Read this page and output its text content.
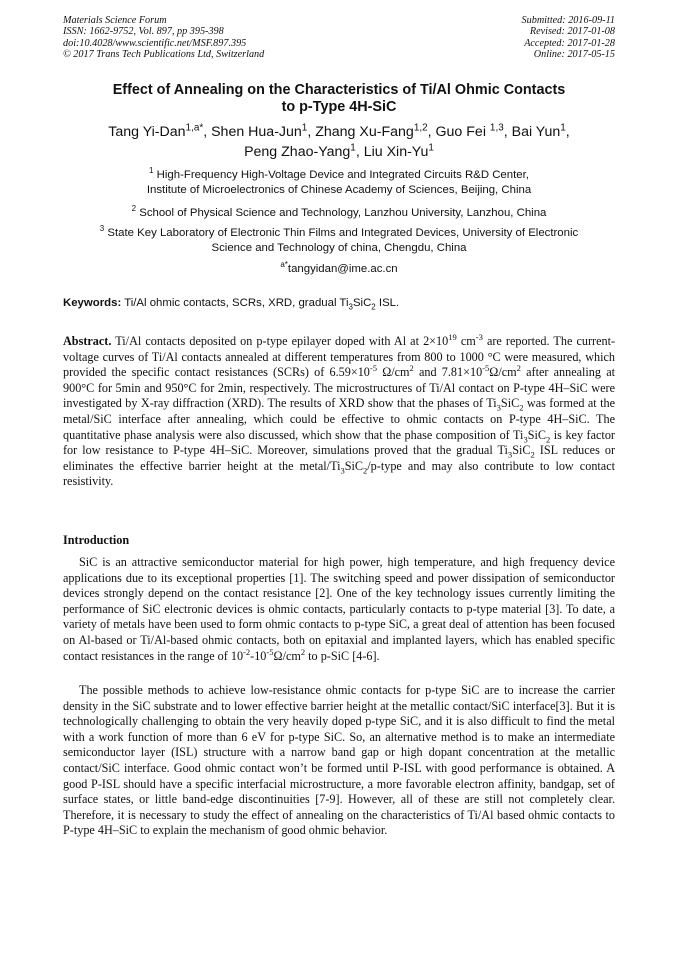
Materials Science Forum
ISSN: 1662-9752, Vol. 897, pp 395-398
doi:10.4028/www.scientific.net/MSF.897.395
© 2017 Trans Tech Publications Ltd, Switzerland
Submitted: 2016-09-11
Revised: 2017-01-08
Accepted: 2017-01-28
Online: 2017-05-15
Effect of Annealing on the Characteristics of Ti/Al Ohmic Contacts
to p-Type 4H-SiC
Tang Yi-Dan$^{1,a*}$, Shen Hua-Jun$^1$, Zhang Xu-Fang$^{1,2}$, Guo Fei $^{1,3}$, Bai Yun$^1$,
Peng Zhao-Yang$^1$, Liu Xin-Yu$^1$
$^1$ High-Frequency High-Voltage Device and Integrated Circuits R&D Center,
Institute of Microelectronics of Chinese Academy of Sciences, Beijing, China
$^2$ School of Physical Science and Technology, Lanzhou University, Lanzhou, China
$^3$ State Key Laboratory of Electronic Thin Films and Integrated Devices, University of Electronic
Science and Technology of china, Chengdu, China
$^{a*}$tangyidan@ime.ac.cn
Keywords: Ti/Al ohmic contacts, SCRs, XRD, gradual $Ti_3SiC_2$ ISL.
Abstract. Ti/Al contacts deposited on p-type epilayer doped with Al at $2\times 10^{19}$ $cm^{-3}$ are reported. The current-voltage curves of Ti/Al contacts annealed at different temperatures from 800 to 1000 °C were measured, which provided the specific contact resistances (SCRs) of $6.59\times 10^{-5}$ $\Omega/cm^2$ and $7.81\times 10^{-5}\Omega/cm^2$ after annealing at 900°C for 5min and 950°C for 2min, respectively. The microstructures of Ti/Al contact on P-type 4H–SiC were investigated by X-ray diffraction (XRD). The results of XRD show that the phases of $Ti_3SiC_2$ was formed at the metal/SiC interface after annealing, which could be effective to ohmic contacts on P-type 4H–SiC. The quantitative phase analysis were also discussed, which show that the phase composition of $Ti_3SiC_2$ is key factor for low resistance to P-type 4H–SiC. Moreover, simulations proved that the gradual $Ti_3SiC_2$ ISL reduces or eliminates the effective barrier height at the metal/$Ti_3SiC_2/p$-type and may also contribute to low contact resistivity.
Introduction
SiC is an attractive semiconductor material for high power, high temperature, and high frequency device applications due to its exceptional properties [1]. The switching speed and power dissipation of semiconductor devices strongly depend on the contact resistance [2]. One of the key technology issues currently limiting the performance of SiC electronic devices is ohmic contacts, particularly contacts to p-type material [3]. To date, a variety of metals have been used to form ohmic contacts to p-type SiC, a great deal of attention has been focused on Al-based or Ti/Al-based ohmic contacts, both on epitaxial and implanted layers, which has enabled specific contact resistances in the range of $10^{-2}-10^{-5}\Omega/cm^2$ to p-SiC [4-6].
The possible methods to achieve low-resistance ohmic contacts for p-type SiC are to increase the carrier density in the SiC substrate and to lower effective barrier height at the metallic contact/SiC interface[3]. But it is technologically challenging to obtain the very heavily doped p-type SiC, and it is also difficult to find the metal with a work function of more than 6 eV for p-type SiC. So, an alternative method is to make an intermediate semiconductor layer (ISL) structure with a narrow band gap or high dopant concentration at the metallic contact/SiC interface. Good ohmic contact won’t be formed until P-ISL with good performance is obtained. A good P-ISL should have a specific interfacial microstructure, a more favorable electron affinity, bandgap, set of surface states, or little band-edge discontinuities [7-9]. However, all of these are still not completely clear. Therefore, it is necessary to study the effect of annealing on the characteristics of Ti/Al based ohmic contacts to P-type 4H–SiC to explain the mechanism of good ohmic behavior.
